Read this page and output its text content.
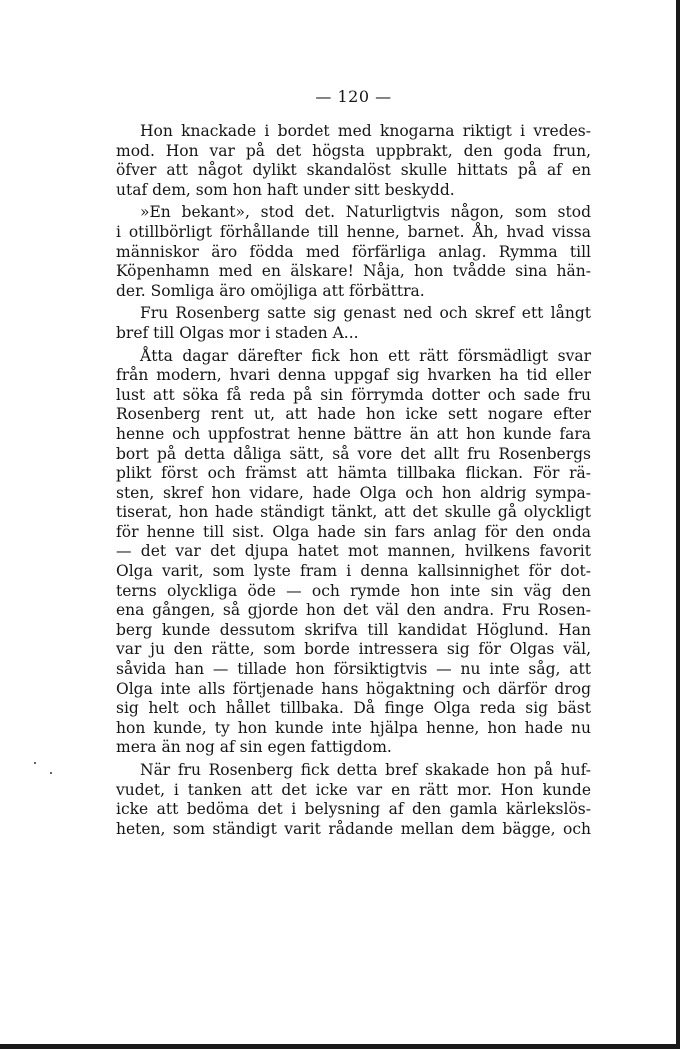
— 120 —
Hon knackade i bordet med knogarna riktigt i vredes-
mod. Hon var på det högsta uppbrakt, den goda frun,
öfver att något dylikt skandalöst skulle hittats på af en
utaf dem, som hon haft under sitt beskydd.
»En bekant», stod det. Naturligtvis någon, som stod
i otillbörligt förhållande till henne, barnet. Åh, hvad vissa
människor äro födda med förfärliga anlag. Rymma till
Köpenhamn med en älskare! Nåja, hon tvådde sina hän-
der. Somliga äro omöjliga att förbättra.
Fru Rosenberg satte sig genast ned och skref ett långt
bref till Olgas mor i staden A...
Åtta dagar därefter fick hon ett rätt försmädligt svar
från modern, hvari denna uppgaf sig hvarken ha tid eller
lust att söka få reda på sin förrymda dotter och sade fru
Rosenberg rent ut, att hade hon icke sett nogare efter
henne och uppfostrat henne bättre än att hon kunde fara
bort på detta dåliga sätt, så vore det allt fru Rosenbergs
plikt först och främst att hämta tillbaka flickan. För rä-
sten, skref hon vidare, hade Olga och hon aldrig sympa-
tiserat, hon hade ständigt tänkt, att det skulle gå olyckligt
för henne till sist. Olga hade sin fars anlag för den onda
— det var det djupa hatet mot mannen, hvilkens favorit
Olga varit, som lyste fram i denna kallsinnighet för dot-
terns olyckliga öde — och rymde hon inte sin väg den
ena gången, så gjorde hon det väl den andra. Fru Rosen-
berg kunde dessutom skrifva till kandidat Höglund. Han
var ju den rätte, som borde intressera sig för Olgas väl,
såvida han — tillade hon försiktigtvis — nu inte såg, att
Olga inte alls förtjenade hans högaktning och därför drog
sig helt och hållet tillbaka. Då finge Olga reda sig bäst
hon kunde, ty hon kunde inte hjälpa henne, hon hade nu
mera än nog af sin egen fattigdom.
När fru Rosenberg fick detta bref skakade hon på huf-
vudet, i tanken att det icke var en rätt mor. Hon kunde
icke att bedöma det i belysning af den gamla kärlekslös-
heten, som ständigt varit rådande mellan dem bägge, och
